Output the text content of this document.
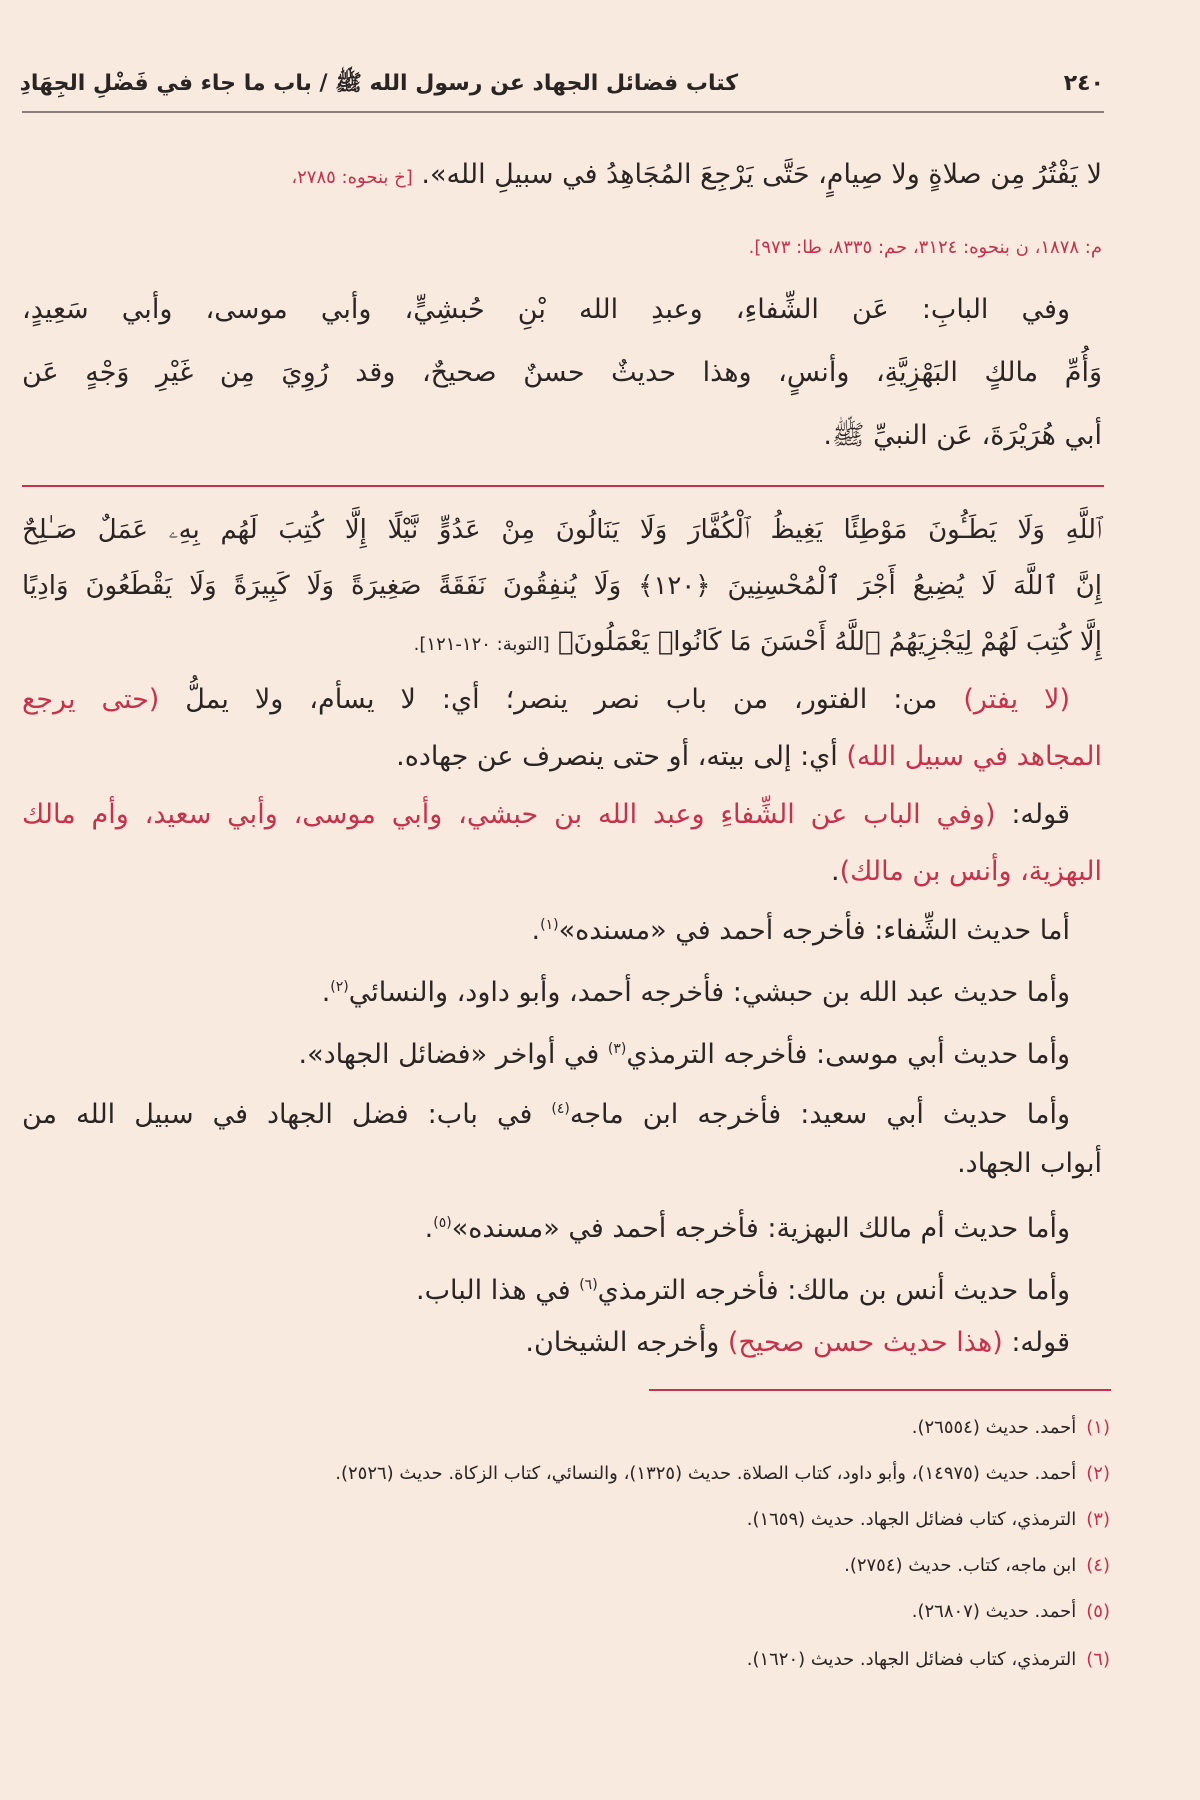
٢٤٠
كتاب فضائل الجهاد عن رسول الله ﷺ / باب ما جاء في فَضْلِ الجِهَادِ
لا يَفْتُرُ مِن صلاةٍ ولا صِيامٍ، حَتَّى يَرْجِعَ المُجَاهِدُ في سبيلِ الله». [خ بنحوه: ٢٧٨٥،
م: ١٨٧٨، ن بنحوه: ٣١٢٤، حم: ٨٣٣٥، طا: ٩٧٣].
وفي البابِ: عَن الشِّفاءِ، وعبدِ الله بْنِ حُبشِيٍّ، وأبي موسى، وأبي سَعِيدٍ،
وَأُمِّ مالكٍ البَهْزِيَّةِ، وأنسٍ، وهذا حديثٌ حسنٌ صحيحٌ، وقد رُوِيَ مِن غَيْرِ وَجْهٍ عَن
أبي هُرَيْرَةَ، عَن النبيِّ ﷺ.
ٱللَّهِ وَلَا يَطَـُٔونَ مَوْطِئًا يَغِيظُ ٱلْكُفَّارَ وَلَا يَنَالُونَ مِنْ عَدُوٍّ نَّيْلًا إِلَّا كُتِبَ لَهُم بِهِۦ عَمَلٌ صَـٰلِحٌ
إِنَّ ٱللَّهَ لَا يُضِيعُ أَجْرَ ٱلْمُحْسِنِينَ ﴿١٢٠﴾ وَلَا يُنفِقُونَ نَفَقَةً صَغِيرَةً وَلَا كَبِيرَةً وَلَا يَقْطَعُونَ وَادِيًا
إِلَّا كُتِبَ لَهُمْ لِيَجْزِيَهُمُ ٱللَّهُ أَحْسَنَ مَا كَانُوا۟ يَعْمَلُونَ﴾ [التوبة: ١٢٠-١٢١].
(لا يفتر) من: الفتور، من باب نصر ينصر؛ أي: لا يسأم، ولا يملُّ (حتى يرجع
المجاهد في سبيل الله) أي: إلى بيته، أو حتى ينصرف عن جهاده.
قوله: (وفي الباب عن الشِّفاءِ وعبد الله بن حبشي، وأبي موسى، وأبي سعيد، وأم مالك
البهزية، وأنس بن مالك).
أما حديث الشِّفاء: فأخرجه أحمد في «مسنده»$^{(١)}$.
وأما حديث عبد الله بن حبشي: فأخرجه أحمد، وأبو داود، والنسائي$^{(٢)}$.
وأما حديث أبي موسى: فأخرجه الترمذي$^{(٣)}$ في أواخر «فضائل الجهاد».
وأما حديث أبي سعيد: فأخرجه ابن ماجه$^{(٤)}$ في باب: فضل الجهاد في سبيل الله من
أبواب الجهاد.
وأما حديث أم مالك البهزية: فأخرجه أحمد في «مسنده»$^{(٥)}$.
وأما حديث أنس بن مالك: فأخرجه الترمذي$^{(٦)}$ في هذا الباب.
قوله: (هذا حديث حسن صحيح) وأخرجه الشيخان.
(١)أحمد. حديث (٢٦٥٥٤).
(٢)أحمد. حديث (١٤٩٧٥)، وأبو داود، كتاب الصلاة. حديث (١٣٢٥)، والنسائي، كتاب الزكاة. حديث (٢٥٢٦).
(٣)الترمذي، كتاب فضائل الجهاد. حديث (١٦٥٩).
(٤)ابن ماجه، كتاب. حديث (٢٧٥٤).
(٥)أحمد. حديث (٢٦٨٠٧).
(٦)الترمذي، كتاب فضائل الجهاد. حديث (١٦٢٠).
